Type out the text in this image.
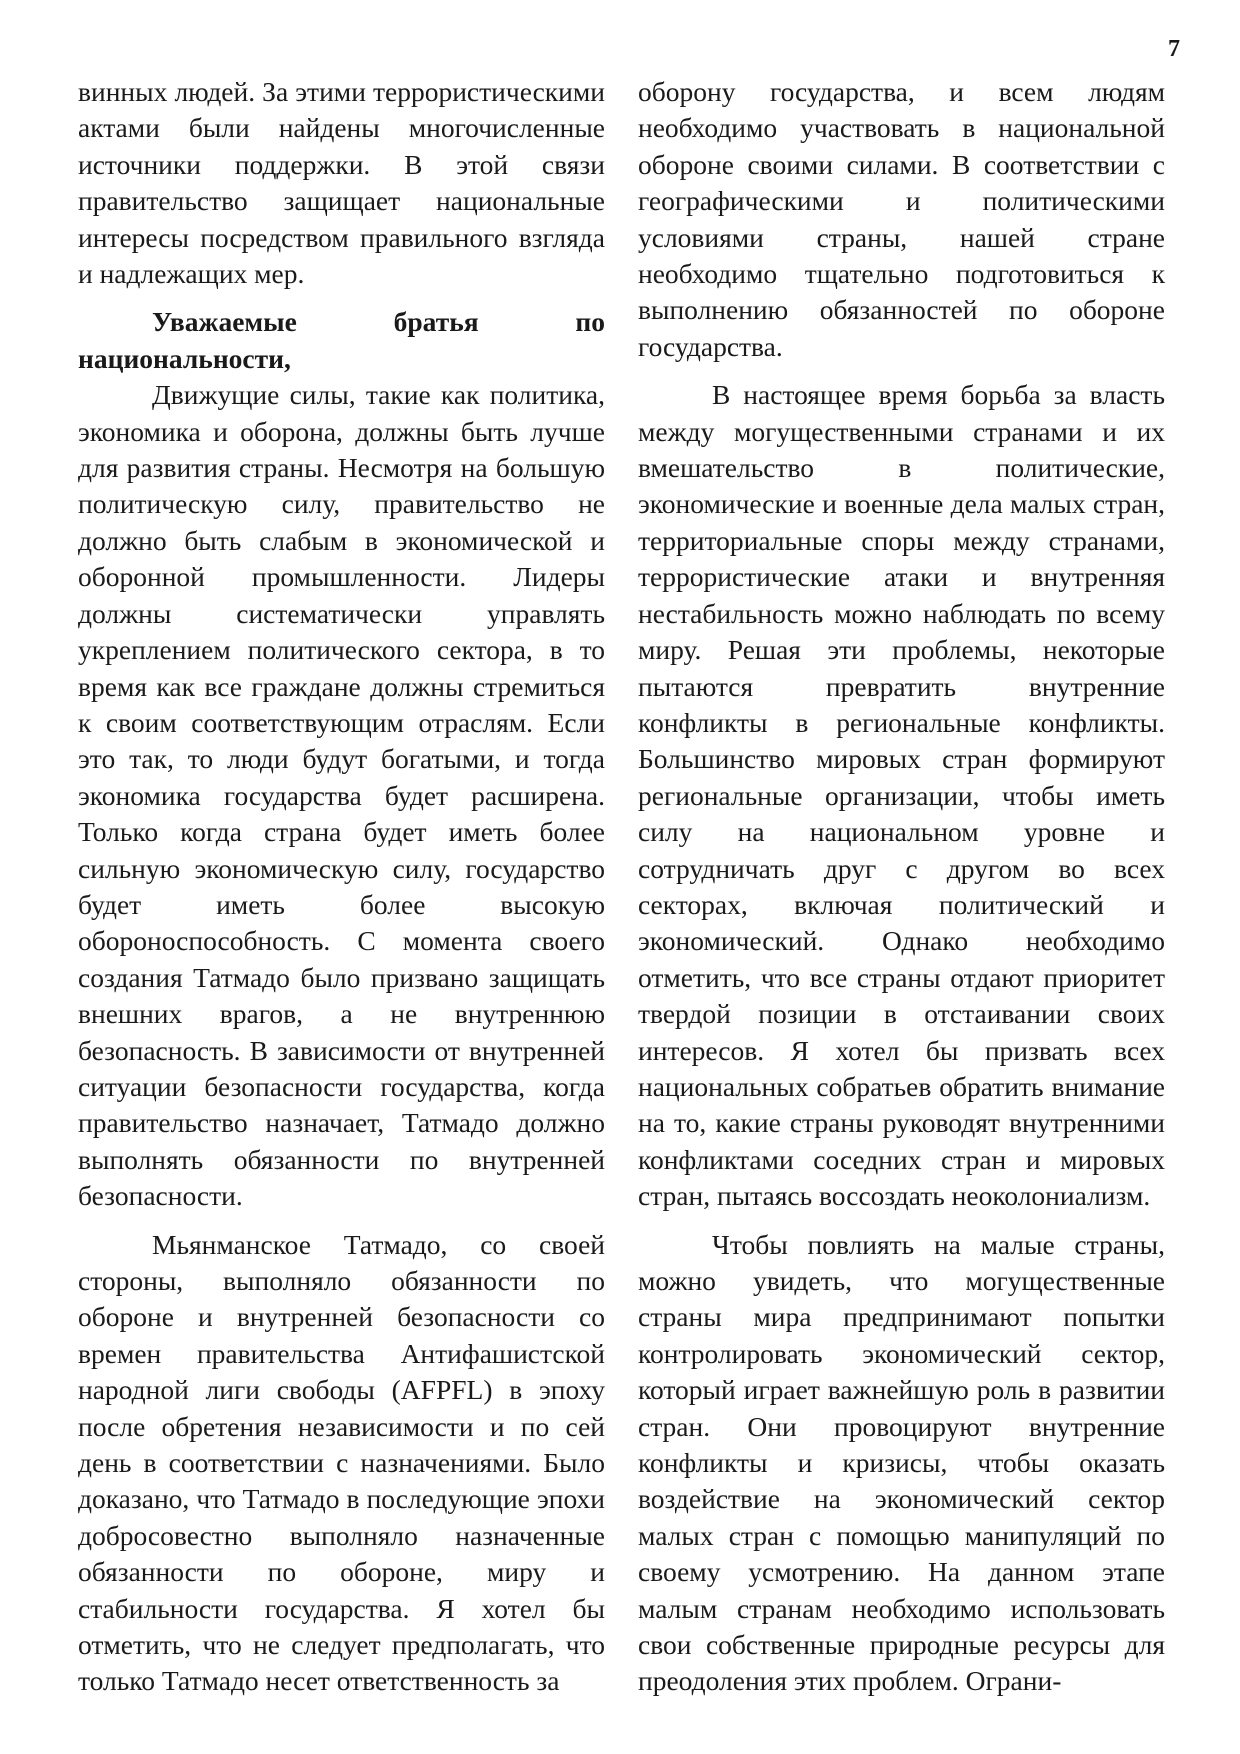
7

винных людей. За этими террористическими актами были найдены многочисленные источники поддержки. В этой связи правительство защищает национальные интересы посредством правильного взгляда и надлежащих мер.

Уважаемые братья по национальности,

Движущие силы, такие как политика, экономика и оборона, должны быть лучше для развития страны. Несмотря на большую политическую силу, правительство не должно быть слабым в экономической и оборонной промышленности. Лидеры должны систематически управлять укреплением политического сектора, в то время как все граждане должны стремиться к своим соответствующим отраслям. Если это так, то люди будут богатыми, и тогда экономика государства будет расширена. Только когда страна будет иметь более сильную экономическую силу, государство будет иметь более высокую обороноспособность. С момента своего создания Татмадо было призвано защищать внешних врагов, а не внутреннюю безопасность. В зависимости от внутренней ситуации безопасности государства, когда правительство назначает, Татмадо должно выполнять обязанности по внутренней безопасности.

Мьянманское Татмадо, со своей стороны, выполняло обязанности по обороне и внутренней безопасности со времен правительства Антифашистской народной лиги свободы (AFPFL) в эпоху после обретения независимости и по сей день в соответствии с назначениями. Было доказано, что Татмадо в последующие эпохи добросовестно выполняло назначенные обязанности по обороне, миру и стабильности государства. Я хотел бы отметить, что не следует предполагать, что только Татмадо несет ответственность за

оборону государства, и всем людям необходимо участвовать в национальной обороне своими силами. В соответствии с географическими и политическими условиями страны, нашей стране необходимо тщательно подготовиться к выполнению обязанностей по обороне государства.

В настоящее время борьба за власть между могущественными странами и их вмешательство в политические, экономические и военные дела малых стран, территориальные споры между странами, террористические атаки и внутренняя нестабильность можно наблюдать по всему миру. Решая эти проблемы, некоторые пытаются превратить внутренние конфликты в региональные конфликты. Большинство мировых стран формируют региональные организации, чтобы иметь силу на национальном уровне и сотрудничать друг с другом во всех секторах, включая политический и экономический. Однако необходимо отметить, что все страны отдают приоритет твердой позиции в отстаивании своих интересов. Я хотел бы призвать всех национальных собратьев обратить внимание на то, какие страны руководят внутренними конфликтами соседних стран и мировых стран, пытаясь воссоздать неоколониализм.

Чтобы повлиять на малые страны, можно увидеть, что могущественные страны мира предпринимают попытки контролировать экономический сектор, который играет важнейшую роль в развитии стран. Они провоцируют внутренние конфликты и кризисы, чтобы оказать воздействие на экономический сектор малых стран с помощью манипуляций по своему усмотрению. На данном этапе малым странам необходимо использовать свои собственные природные ресурсы для преодоления этих проблем. Ограни-
